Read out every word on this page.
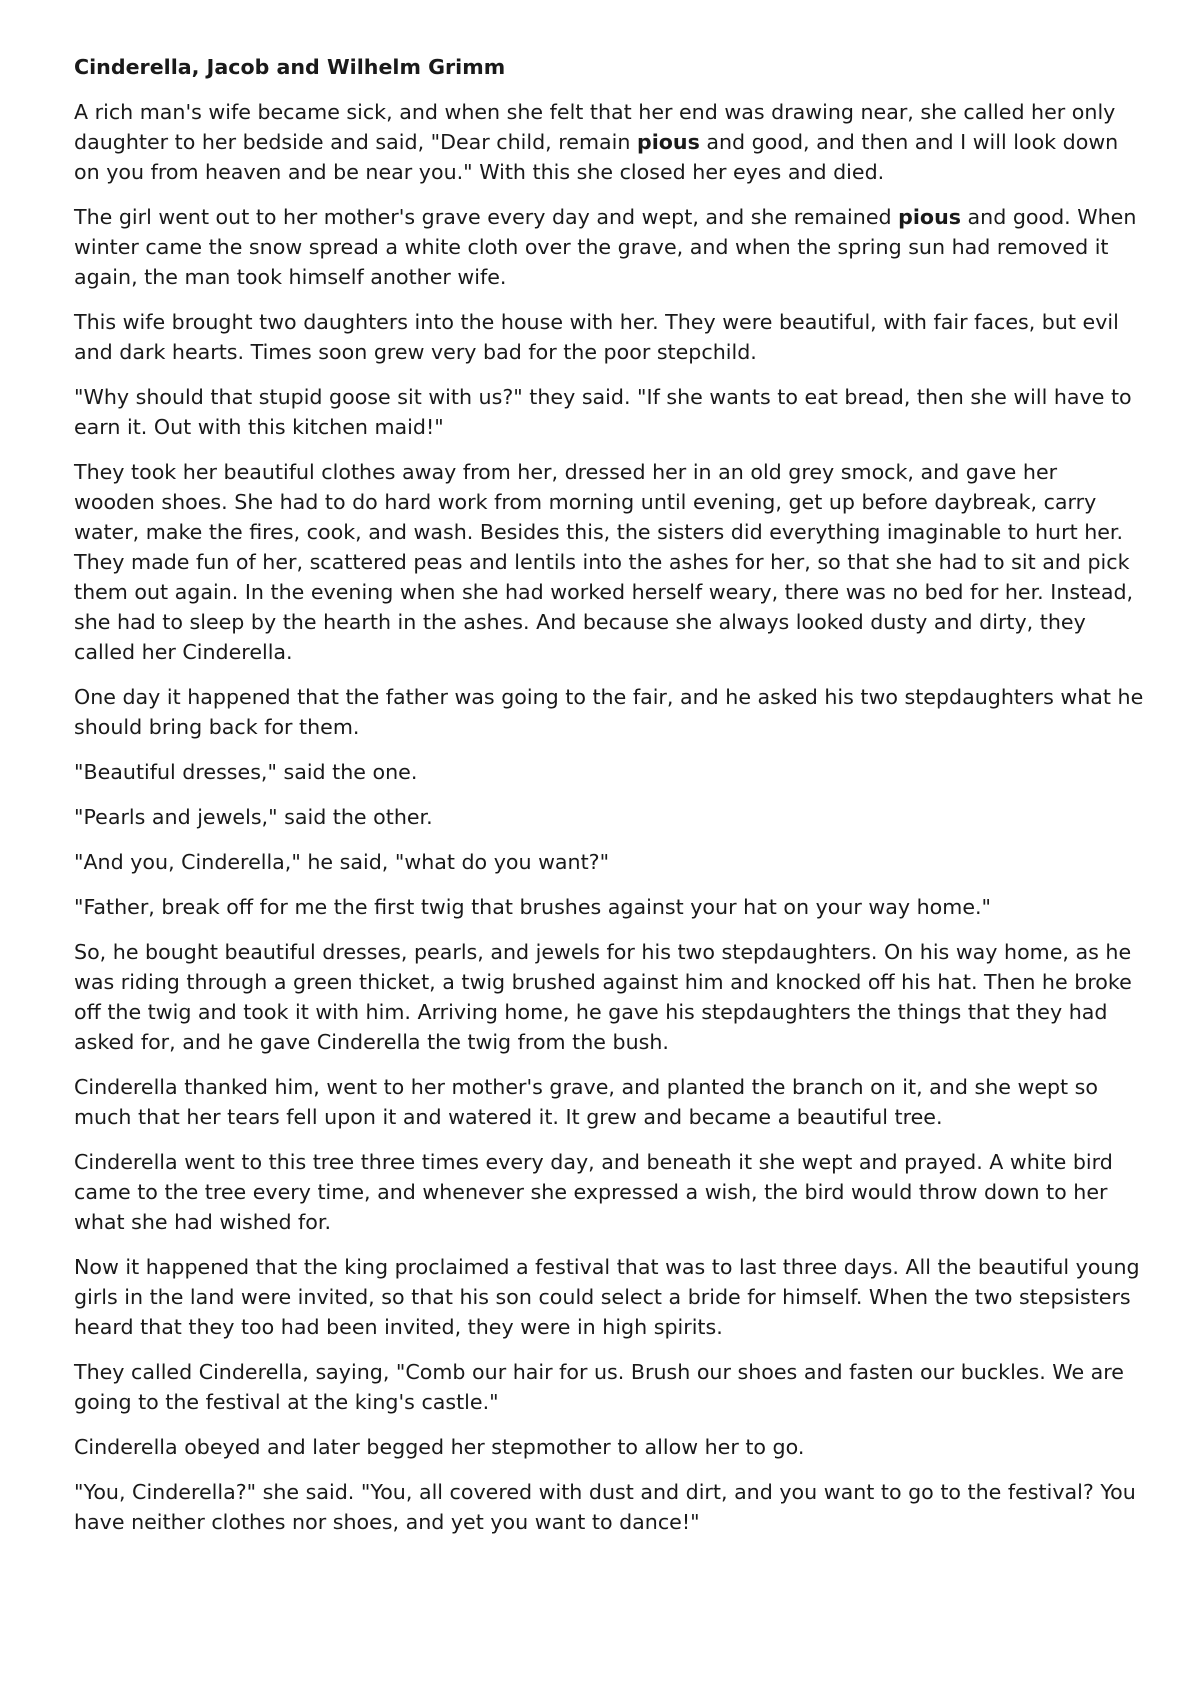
Cinderella, Jacob and Wilhelm Grimm

A rich man's wife became sick, and when she felt that her end was drawing near, she called her only daughter to her bedside and said, "Dear child, remain pious and good, and then and I will look down on you from heaven and be near you." With this she closed her eyes and died.

The girl went out to her mother's grave every day and wept, and she remained pious and good. When winter came the snow spread a white cloth over the grave, and when the spring sun had removed it again, the man took himself another wife.

This wife brought two daughters into the house with her. They were beautiful, with fair faces, but evil and dark hearts. Times soon grew very bad for the poor stepchild.

"Why should that stupid goose sit with us?" they said. "If she wants to eat bread, then she will have to earn it. Out with this kitchen maid!"

They took her beautiful clothes away from her, dressed her in an old grey smock, and gave her wooden shoes. She had to do hard work from morning until evening, get up before daybreak, carry water, make the fires, cook, and wash. Besides this, the sisters did everything imaginable to hurt her. They made fun of her, scattered peas and lentils into the ashes for her, so that she had to sit and pick them out again. In the evening when she had worked herself weary, there was no bed for her. Instead, she had to sleep by the hearth in the ashes. And because she always looked dusty and dirty, they called her Cinderella.

One day it happened that the father was going to the fair, and he asked his two stepdaughters what he should bring back for them.

"Beautiful dresses," said the one.

"Pearls and jewels," said the other.

"And you, Cinderella," he said, "what do you want?"

"Father, break off for me the first twig that brushes against your hat on your way home."

So, he bought beautiful dresses, pearls, and jewels for his two stepdaughters. On his way home, as he was riding through a green thicket, a twig brushed against him and knocked off his hat. Then he broke off the twig and took it with him. Arriving home, he gave his stepdaughters the things that they had asked for, and he gave Cinderella the twig from the bush.

Cinderella thanked him, went to her mother's grave, and planted the branch on it, and she wept so much that her tears fell upon it and watered it. It grew and became a beautiful tree.

Cinderella went to this tree three times every day, and beneath it she wept and prayed. A white bird came to the tree every time, and whenever she expressed a wish, the bird would throw down to her what she had wished for.

Now it happened that the king proclaimed a festival that was to last three days. All the beautiful young girls in the land were invited, so that his son could select a bride for himself. When the two stepsisters heard that they too had been invited, they were in high spirits.

They called Cinderella, saying, "Comb our hair for us. Brush our shoes and fasten our buckles. We are going to the festival at the king's castle."

Cinderella obeyed and later begged her stepmother to allow her to go.

"You, Cinderella?" she said. "You, all covered with dust and dirt, and you want to go to the festival? You have neither clothes nor shoes, and yet you want to dance!"
